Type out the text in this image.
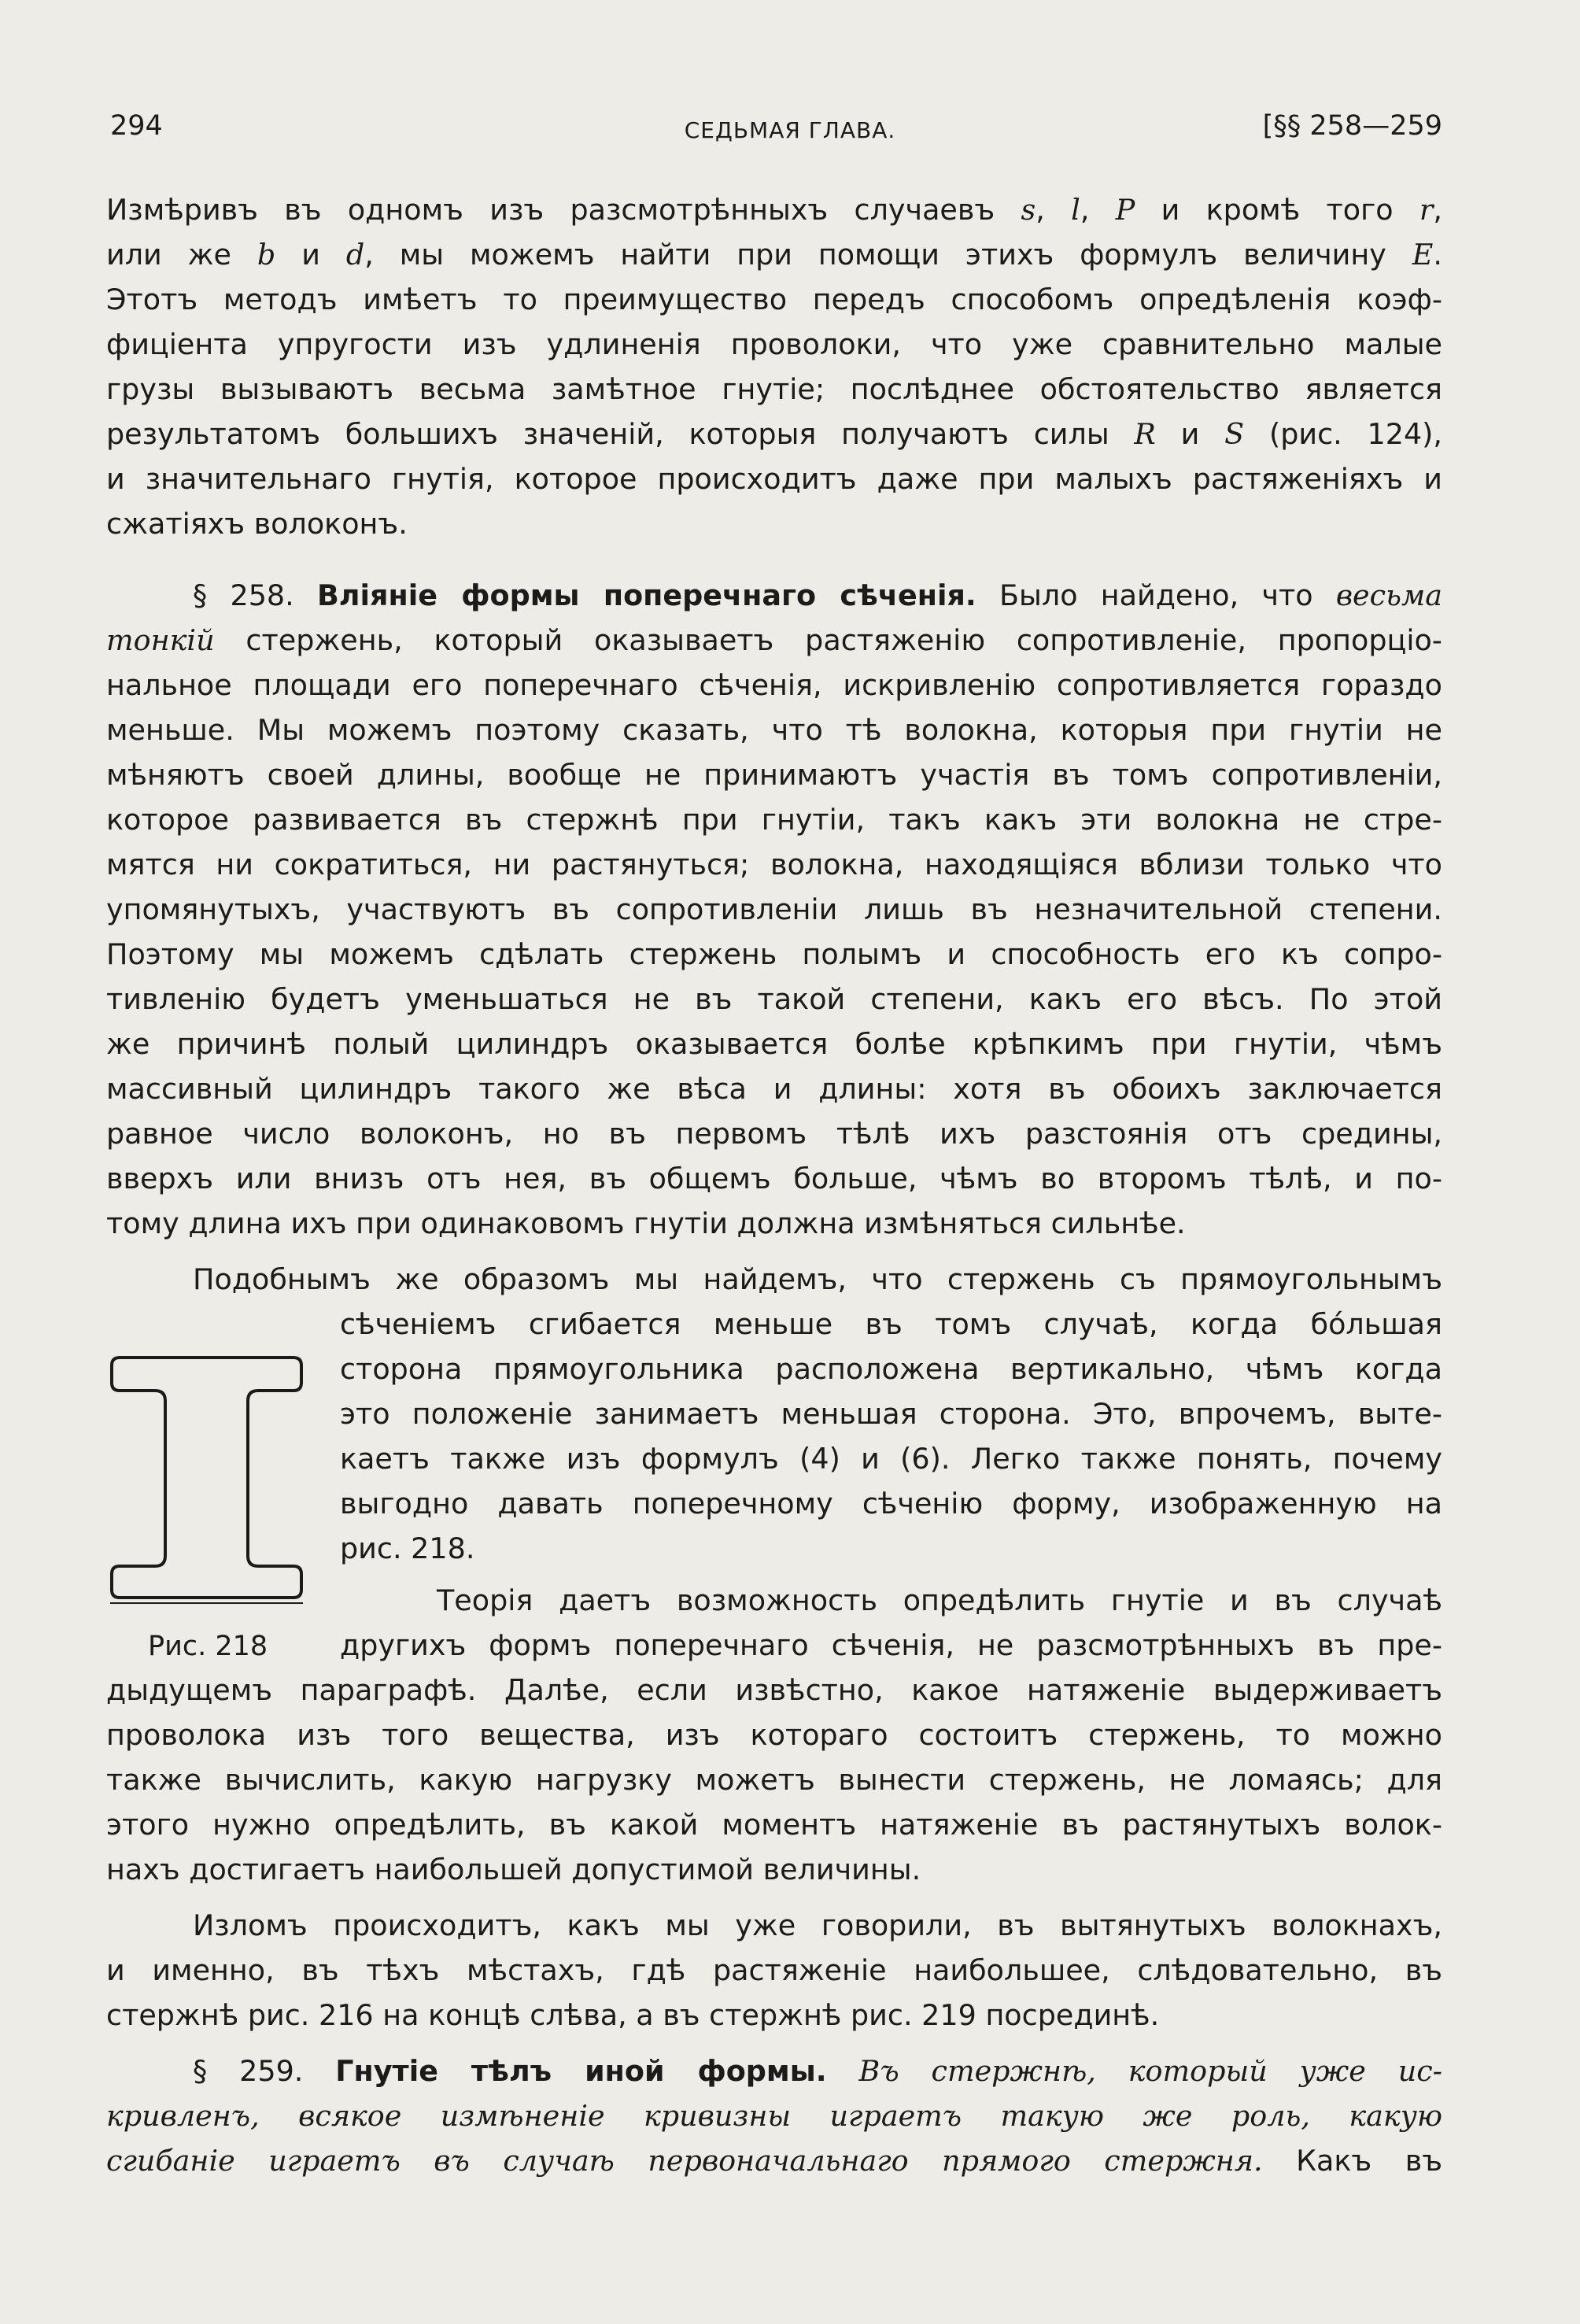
294	СЕДЬМАЯ ГЛАВА.	[§§ 258—259
Измѣривъ въ одномъ изъ разсмотрѣнныхъ случаевъ s, l, P и кромѣ того r,
или же b и d, мы можемъ найти при помощи этихъ формулъ величину E.
Этотъ методъ имѣетъ то преимущество передъ способомъ опредѣленія коэф-
фиціента упругости изъ удлиненія проволоки, что уже сравнительно малые
грузы вызываютъ весьма замѣтное гнутіе; послѣднее обстоятельство является
результатомъ большихъ значеній, которыя получаютъ силы R и S (рис. 124),
и значительнаго гнутія, которое происходитъ даже при малыхъ растяженіяхъ и
сжатіяхъ волоконъ.
§ 258. Вліяніе формы поперечнаго сѣченія. Было найдено, что весьма
тонкій стержень, который оказываетъ растяженію сопротивленіе, пропорціо-
нальное площади его поперечнаго сѣченія, искривленію сопротивляется гораздо
меньше. Мы можемъ поэтому сказать, что тѣ волокна, которыя при гнутіи не
мѣняютъ своей длины, вообще не принимаютъ участія въ томъ сопротивленіи,
которое развивается въ стержнѣ при гнутіи, такъ какъ эти волокна не стре-
мятся ни сократиться, ни растянуться; волокна, находящіяся вблизи только что
упомянутыхъ, участвуютъ въ сопротивленіи лишь въ незначительной степени.
Поэтому мы можемъ сдѣлать стержень полымъ и способность его къ сопро-
тивленію будетъ уменьшаться не въ такой степени, какъ его вѣсъ. По этой
же причинѣ полый цилиндръ оказывается болѣе крѣпкимъ при гнутіи, чѣмъ
массивный цилиндръ такого же вѣса и длины: хотя въ обоихъ заключается
равное число волоконъ, но въ первомъ тѣлѣ ихъ разстоянія отъ средины,
вверхъ или внизъ отъ нея, въ общемъ больше, чѣмъ во второмъ тѣлѣ, и по-
тому длина ихъ при одинаковомъ гнутіи должна измѣняться сильнѣе.
Подобнымъ же образомъ мы найдемъ, что стержень съ прямоугольнымъ
сѣченіемъ сгибается меньше въ томъ случаѣ, когда бо́льшая
сторона прямоугольника расположена вертикально, чѣмъ когда
это положеніе занимаетъ меньшая сторона. Это, впрочемъ, выте-
каетъ также изъ формулъ (4) и (6). Легко также понять, почему
выгодно давать поперечному сѣченію форму, изображенную на
рис. 218.
Рис. 218
Теорія даетъ возможность опредѣлить гнутіе и въ случаѣ
другихъ формъ поперечнаго сѣченія, не разсмотрѣнныхъ въ пре-
дыдущемъ параграфѣ. Далѣе, если извѣстно, какое натяженіе выдерживаетъ
проволока изъ того вещества, изъ котораго состоитъ стержень, то можно
также вычислить, какую нагрузку можетъ вынести стержень, не ломаясь; для
этого нужно опредѣлить, въ какой моментъ натяженіе въ растянутыхъ волок-
нахъ достигаетъ наибольшей допустимой величины.
Изломъ происходитъ, какъ мы уже говорили, въ вытянутыхъ волокнахъ,
и именно, въ тѣхъ мѣстахъ, гдѣ растяженіе наибольшее, слѣдовательно, въ
стержнѣ рис. 216 на концѣ слѣва, а въ стержнѣ рис. 219 посрединѣ.
§ 259. Гнутіе тѣлъ иной формы. Въ стержнѣ, который уже ис-
кривленъ, всякое измѣненіе кривизны играетъ такую же роль, какую
сгибаніе играетъ въ случаѣ первоначальнаго прямого стержня. Какъ въ
